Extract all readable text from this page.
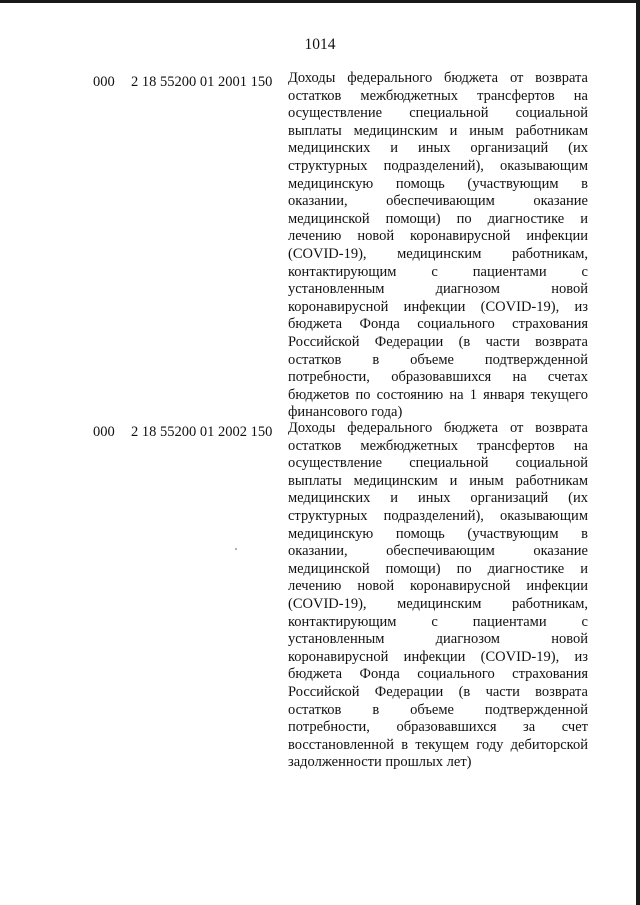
1014
000 2 18 55200 01 2001 150 Доходы федерального бюджета от возврата
остатков межбюджетных трансфертов на
осуществление специальной социальной
выплаты медицинским и иным работникам
медицинских и иных организаций (их
структурных подразделений), оказывающим
медицинскую помощь (участвующим в
оказании, обеспечивающим оказание
медицинской помощи) по диагностике и
лечению новой коронавирусной инфекции
(COVID-19), медицинским работникам,
контактирующим с пациентами с
установленным диагнозом новой
коронавирусной инфекции (COVID-19), из
бюджета Фонда социального страхования
Российской Федерации (в части возврата
остатков в объеме подтвержденной
потребности, образовавшихся на счетах
бюджетов по состоянию на 1 января текущего
финансового года)
000 2 18 55200 01 2002 150 Доходы федерального бюджета от возврата
остатков межбюджетных трансфертов на
осуществление специальной социальной
выплаты медицинским и иным работникам
медицинских и иных организаций (их
структурных подразделений), оказывающим
медицинскую помощь (участвующим в
оказании, обеспечивающим оказание
медицинской помощи) по диагностике и
лечению новой коронавирусной инфекции
(COVID-19), медицинским работникам,
контактирующим с пациентами с
установленным диагнозом новой
коронавирусной инфекции (COVID-19), из
бюджета Фонда социального страхования
Российской Федерации (в части возврата
остатков в объеме подтвержденной
потребности, образовавшихся за счет
восстановленной в текущем году дебиторской
задолженности прошлых лет)
